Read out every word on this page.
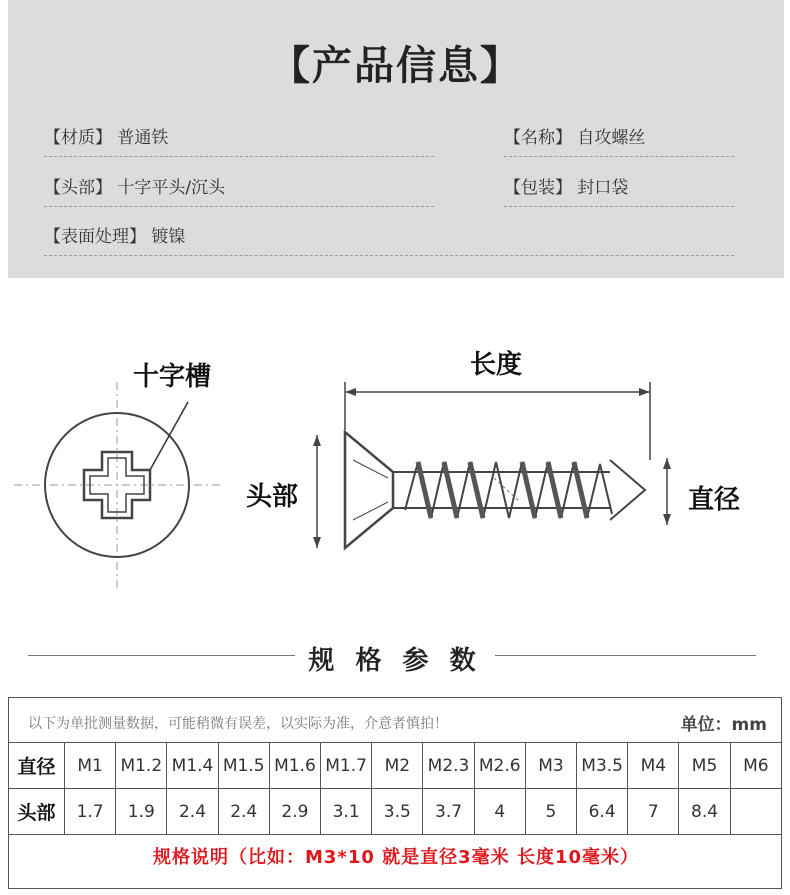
【产品信息】
【材质】 普通铁	【名称】 自攻螺丝
【头部】 十字平头/沉头	【包装】 封口袋
【表面处理】 镀镍
十字槽	长度
头部	直径
规 格 参 数
以下为单批测量数据，可能稍微有误差，以实际为准，介意者慎拍！	单位：mm
直径	M1	M1.2	M1.4	M1.5	M1.6	M1.7	M2	M2.3	M2.6	M3	M3.5	M4	M5	M6
头部	1.7	1.9	2.4	2.4	2.9	3.1	3.5	3.7	4	5	6.4	7	8.4	
规格说明（比如：M3*10 就是直径3毫米 长度10毫米）
